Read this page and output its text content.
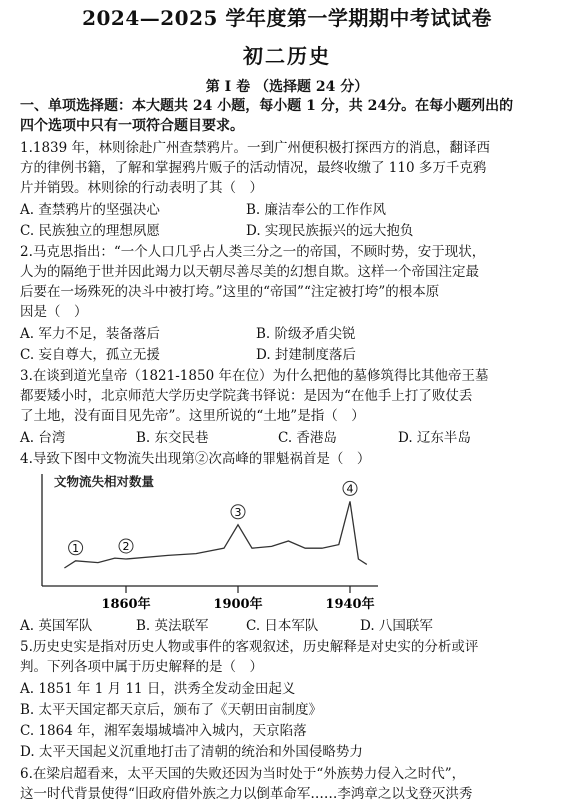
2024—2025 学年度第一学期期中考试试卷
初二历史
第 I 卷 （选择题 24 分）
一、单项选择题：本大题共 24 小题，每小题 1 分，共 24分。在每小题列出的
四个选项中只有一项符合题目要求。
1.1839 年，林则徐赴广州查禁鸦片。一到广州便积极打探西方的消息，翻译西
方的律例书籍，了解和掌握鸦片贩子的活动情况，最终收缴了 110 多万千克鸦
片并销毁。林则徐的行动表明了其（　）
A. 查禁鸦片的坚强决心	B. 廉洁奉公的工作作风
C. 民族独立的理想夙愿	D. 实现民族振兴的远大抱负
2.马克思指出：“一个人口几乎占人类三分之一的帝国，不顾时势，安于现状，
人为的隔绝于世并因此竭力以天朝尽善尽美的幻想自欺。这样一个帝国注定最
后要在一场殊死的决斗中被打垮。”这里的“帝国”“注定被打垮”的根本原
因是（　）
A. 军力不足，装备落后	B. 阶级矛盾尖锐
C. 妄自尊大，孤立无援	D. 封建制度落后
3.在谈到道光皇帝（1821-1850 年在位）为什么把他的墓修筑得比其他帝王墓
都要矮小时，北京师范大学历史学院龚书铎说：是因为“在他手上打了败仗丢
了土地，没有面目见先帝”。这里所说的“土地”是指（　）
A. 台湾	B. 东交民巷	C. 香港岛	D. 辽东半岛
4.导致下图中文物流失出现第②次高峰的罪魁祸首是（　）
文物流失相对数量
1860年	1900年	1940年
1	2
3
4
A. 英国军队	B. 英法联军	C. 日本军队	D. 八国联军
5.历史史实是指对历史人物或事件的客观叙述，历史解释是对史实的分析或评
判。下列各项中属于历史解释的是（　）
A. 1851 年 1 月 11 日，洪秀全发动金田起义
B. 太平天国定都天京后，颁布了《天朝田亩制度》
C. 1864 年，湘军轰塌城墙冲入城内，天京陷落
D. 太平天国起义沉重地打击了清朝的统治和外国侵略势力
6.在梁启超看来，太平天国的失败还因为当时处于“外族势力侵入之时代”，
这一时代背景使得“旧政府借外族之力以倒革命军……李鸿章之以戈登灭洪秀
